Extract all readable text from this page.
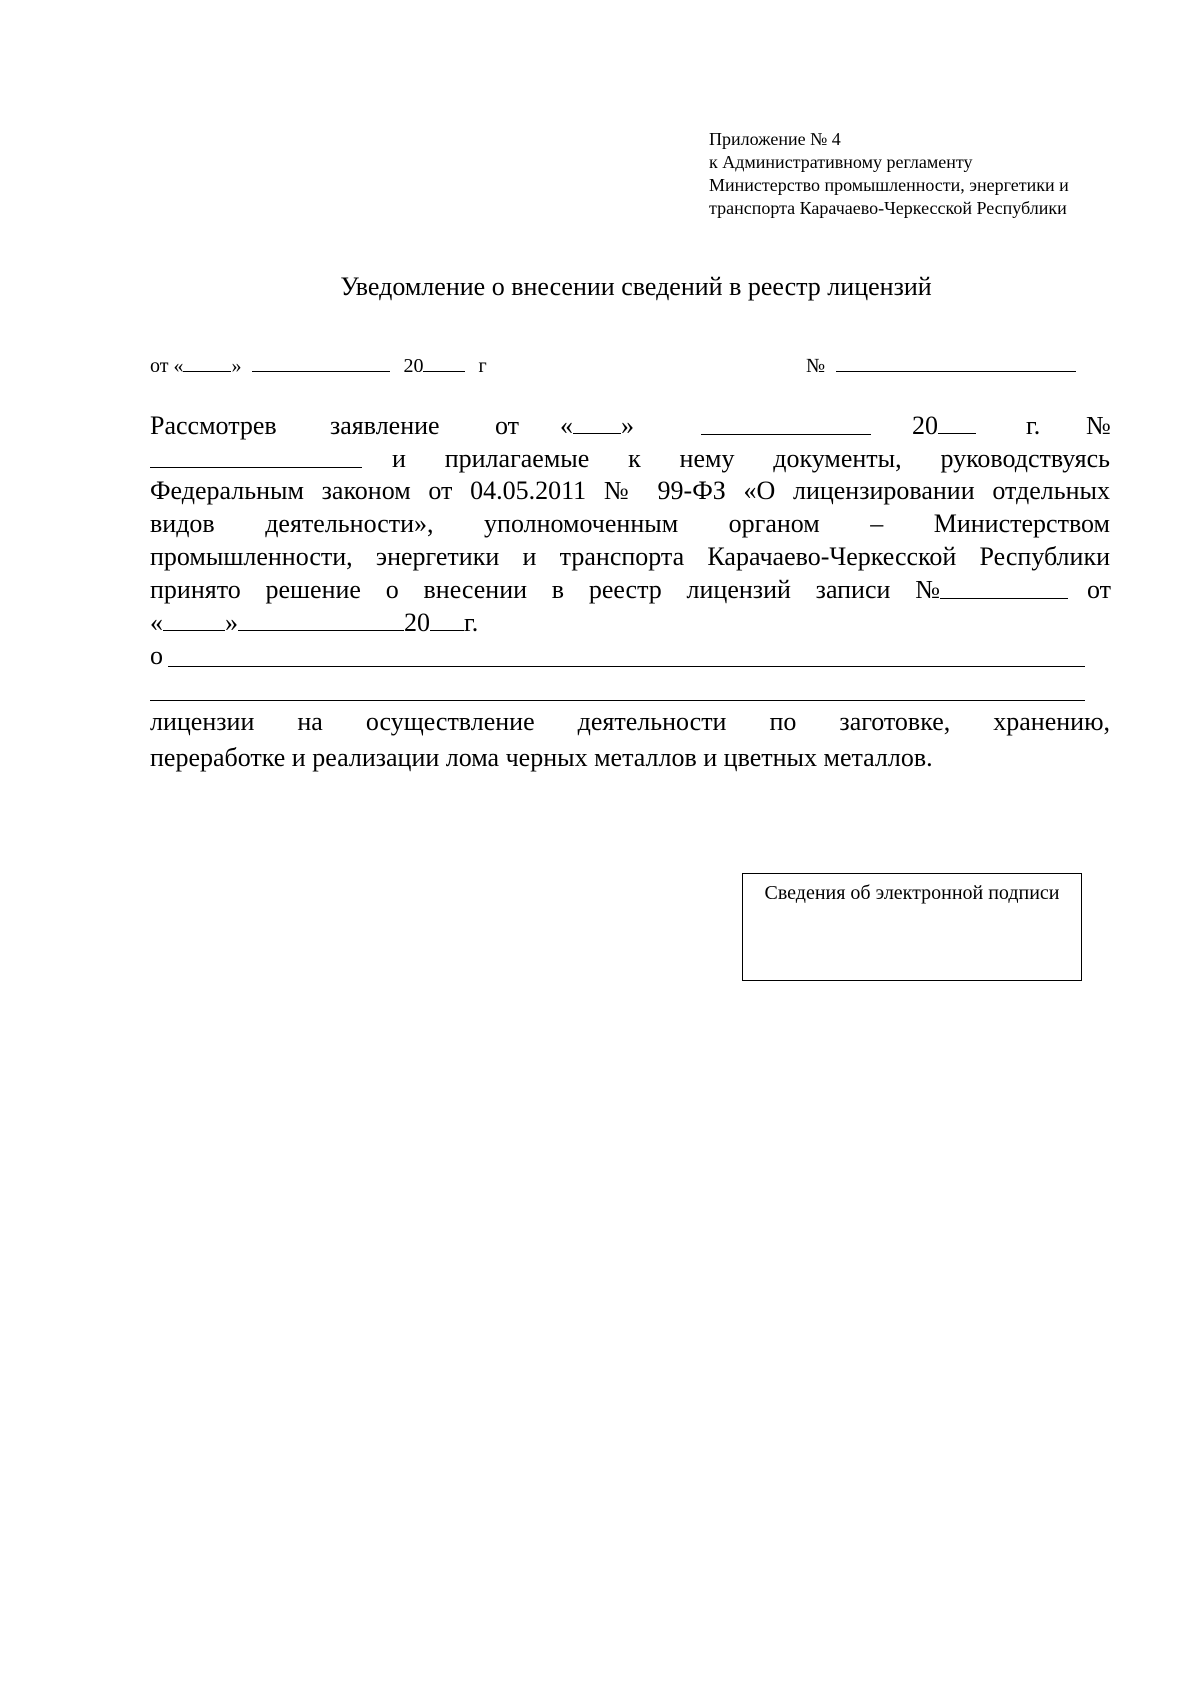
Приложение № 4
к Административному регламенту
Министерство промышленности, энергетики и
транспорта Карачаево-Черкесской Республики
Уведомление о внесении сведений в реестр лицензий
от « »	20	г	№
Рассмотрев заявление от « »	20	г. №
и прилагаемые к нему документы, руководствуясь
Федеральным законом от 04.05.2011 № 99-ФЗ «О лицензировании отдельных
видов деятельности», уполномоченным органом – Министерством
промышленности, энергетики и транспорта Карачаево-Черкесской Республики
принято решение о внесении в реестр лицензий записи №	от
« »	20 г.
о
лицензии на осуществление деятельности по заготовке, хранению,
переработке и реализации лома черных металлов и цветных металлов.
Сведения об электронной подписи
